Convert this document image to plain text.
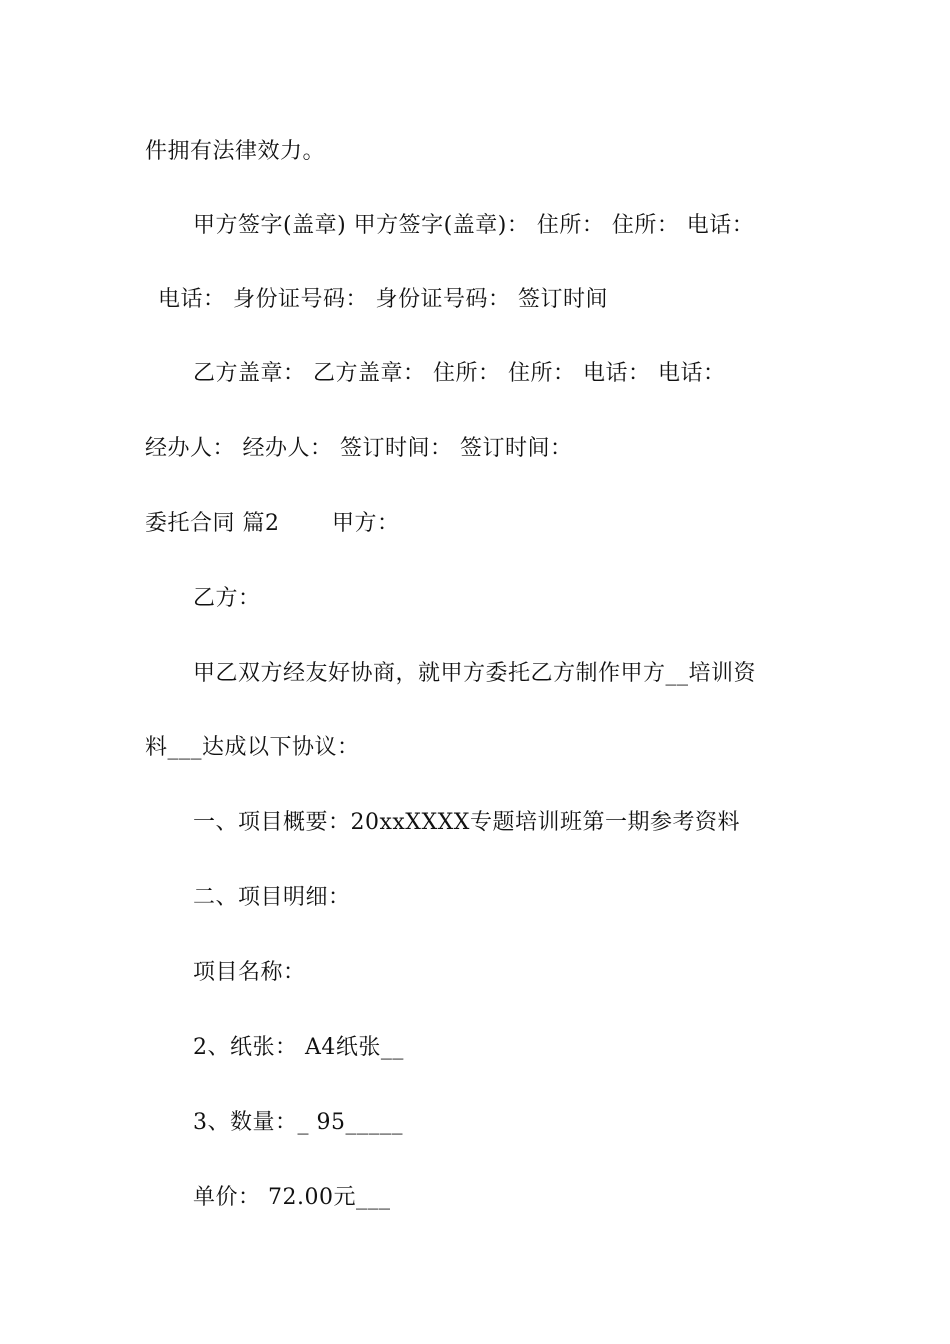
件拥有法律效力。
甲方签字(盖章) 甲方签字(盖章)： 住所： 住所： 电话：
电话： 身份证号码： 身份证号码： 签订时间
乙方盖章： 乙方盖章： 住所： 住所： 电话： 电话：
经办人： 经办人： 签订时间： 签订时间：
委托合同 篇2 　　甲方：
乙方：
甲乙双方经友好协商，就甲方委托乙方制作甲方__培训资
料___达成以下协议：
一、项目概要：20xxXXXX专题培训班第一期参考资料
二、项目明细：
项目名称：
2、纸张： A4纸张__
3、数量：_ 95_____
单价： 72.00元___
